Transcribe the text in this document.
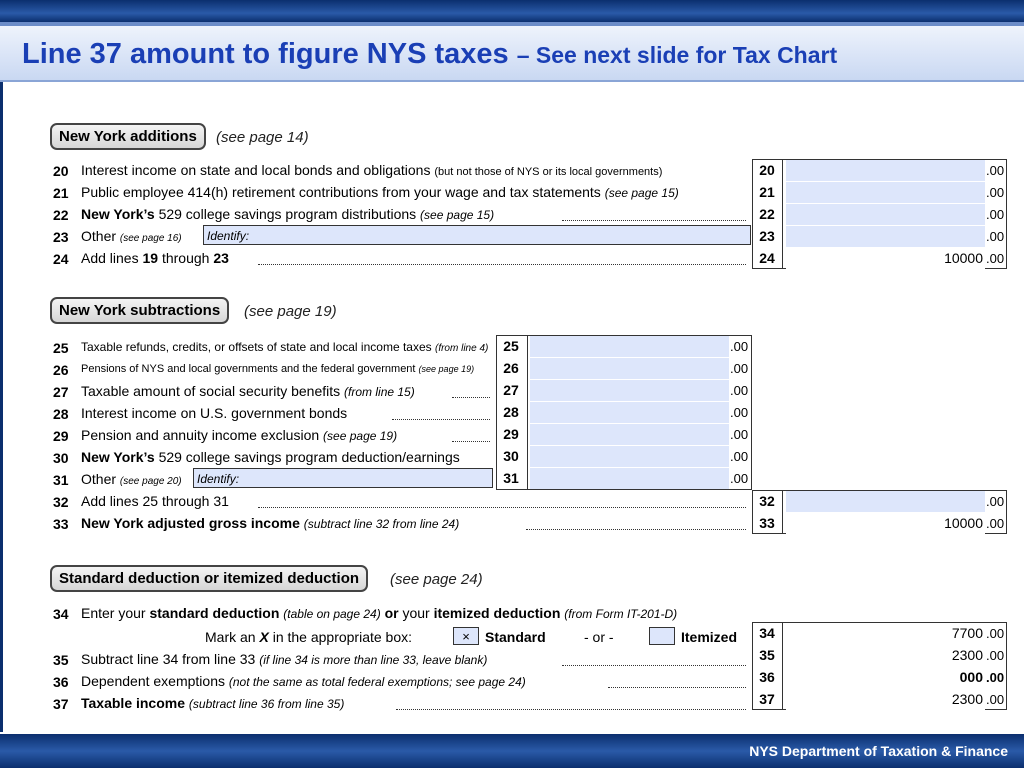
Line 37 amount to figure NYS taxes – See next slide for Tax Chart
New York additions	(see page 14)
20 Interest income on state and local bonds and obligations (but not those of NYS or its local governments)
21 Public employee 414(h) retirement contributions from your wage and tax statements (see page 15)
22 New York’s 529 college savings program distributions (see page 15)
23 Other (see page 16)	Identify:
24 Add lines 19 through 23
20	.00
21	.00
22	.00
23	.00
24	10000 .00
New York subtractions	(see page 19)
25 Taxable refunds, credits, or offsets of state and local income taxes (from line 4)
26 Pensions of NYS and local governments and the federal government (see page 19)
27 Taxable amount of social security benefits (from line 15)
28 Interest income on U.S. government bonds
29 Pension and annuity income exclusion (see page 19)
30 New York’s 529 college savings program deduction/earnings
31 Other (see page 20)	Identify:
25	.00
26	.00
27	.00
28	.00
29	.00
30	.00
31	.00
32 Add lines 25 through 31
33 New York adjusted gross income (subtract line 32 from line 24)
32	.00
33	10000 .00
Standard deduction or itemized deduction	(see page 24)
34 Enter your standard deduction (table on page 24) or your itemized deduction (from Form IT-201-D)
Mark an X in the appropriate box:	×	Standard	- or -	Itemized
35 Subtract line 34 from line 33 (if line 34 is more than line 33, leave blank)
36 Dependent exemptions (not the same as total federal exemptions; see page 24)
37 Taxable income (subtract line 36 from line 35)
34	7700 .00
35	2300 .00
36	000 .00
37	2300 .00
NYS Department of Taxation & Finance
